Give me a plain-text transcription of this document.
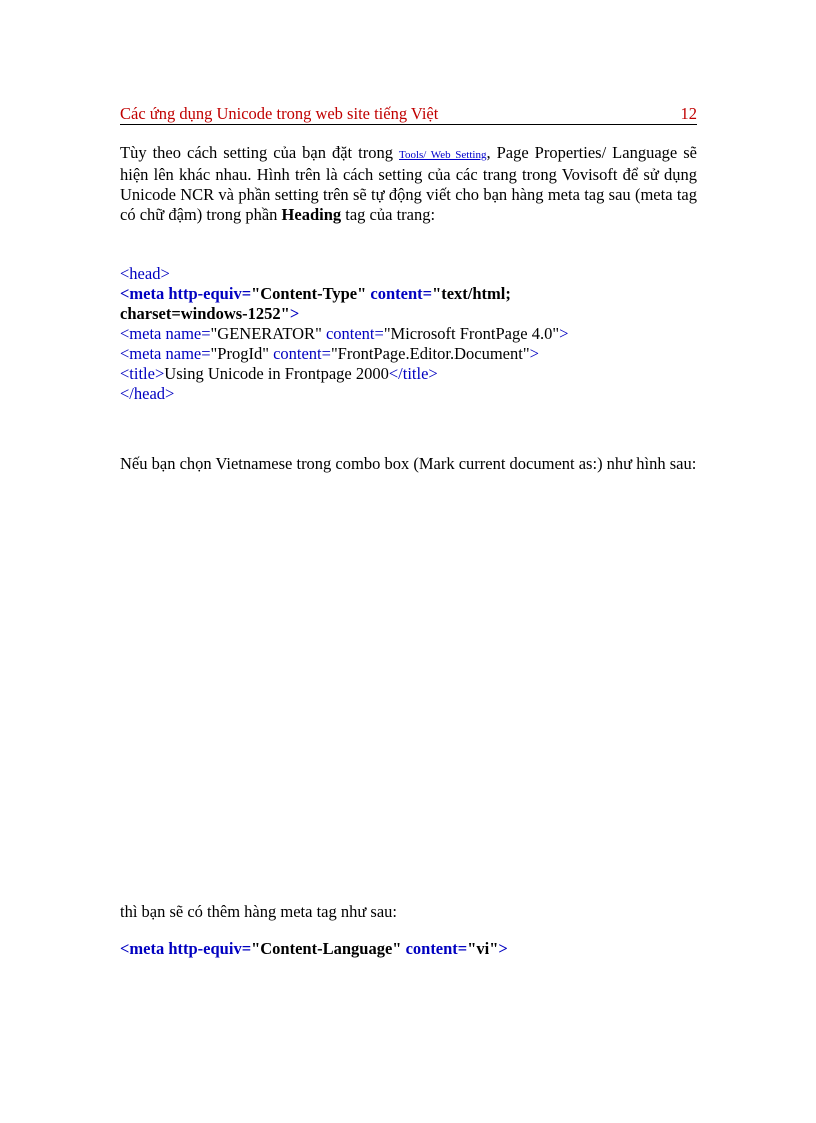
Các ứng dụng Unicode trong web site tiếng Việt	12
Tùy theo cách setting của bạn đặt trong Tools/ Web Setting, Page Properties/ Language sẽ hiện lên khác nhau. Hình trên là cách setting của các trang trong Vovisoft để sử dụng Unicode NCR và phần setting trên sẽ tự động viết cho bạn hàng meta tag sau (meta tag có chữ đậm) trong phần Heading tag của trang:
<head>
<meta http-equiv="Content-Type" content="text/html;
charset=windows-1252">
<meta name="GENERATOR" content="Microsoft FrontPage 4.0">
<meta name="ProgId" content="FrontPage.Editor.Document">
<title>Using Unicode in Frontpage 2000</title>
</head>
Nếu bạn chọn Vietnamese trong combo box (Mark current document as:) như hình sau:
thì bạn sẽ có thêm hàng meta tag như sau:
<meta http-equiv="Content-Language" content="vi">
